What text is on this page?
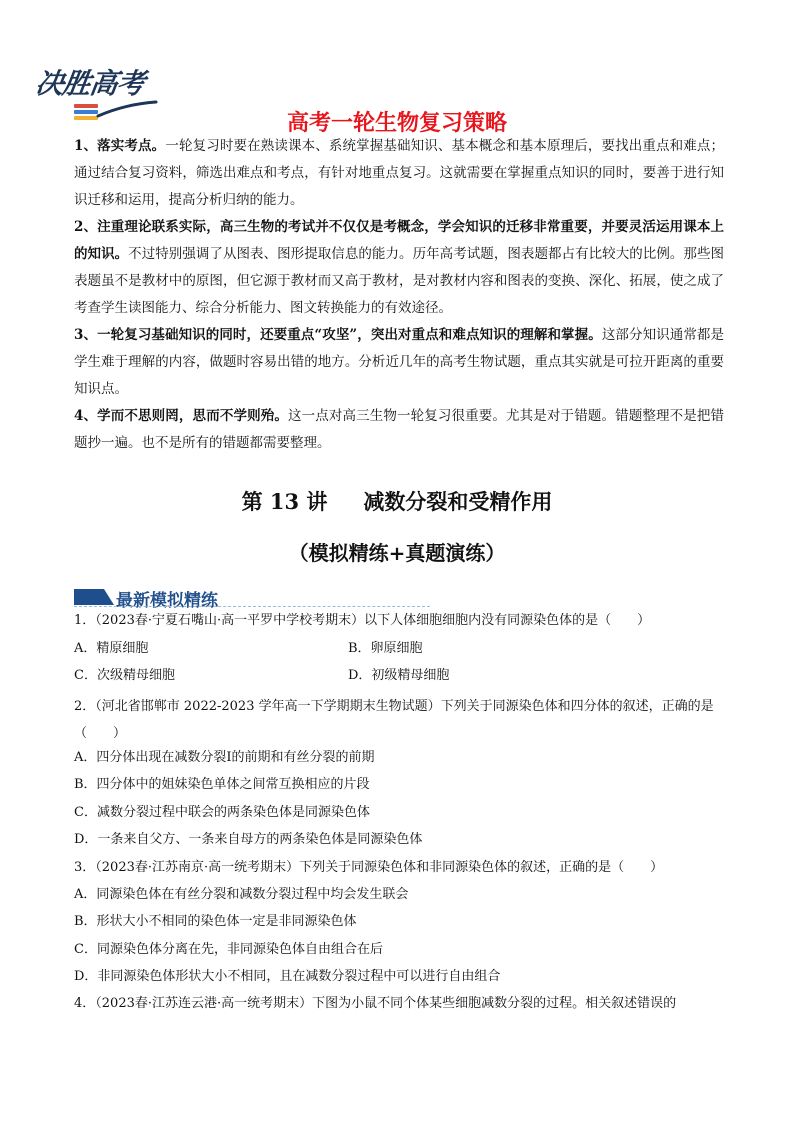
决胜高考
高考一轮生物复习策略

1、落实考点。一轮复习时要在熟读课本、系统掌握基础知识、基本概念和基本原理后，要找出重点和难点；通过结合复习资料，筛选出难点和考点，有针对地重点复习。这就需要在掌握重点知识的同时，要善于进行知识迁移和运用，提高分析归纳的能力。

2、注重理论联系实际，高三生物的考试并不仅仅是考概念，学会知识的迁移非常重要，并要灵活运用课本上的知识。不过特别强调了从图表、图形提取信息的能力。历年高考试题，图表题都占有比较大的比例。那些图表题虽不是教材中的原图，但它源于教材而又高于教材，是对教材内容和图表的变换、深化、拓展，使之成了考查学生读图能力、综合分析能力、图文转换能力的有效途径。

3、一轮复习基础知识的同时，还要重点“攻坚”，突出对重点和难点知识的理解和掌握。这部分知识通常都是学生难于理解的内容，做题时容易出错的地方。分析近几年的高考生物试题，重点其实就是可拉开距离的重要知识点。

4、学而不思则罔，思而不学则殆。这一点对高三生物一轮复习很重要。尤其是对于错题。错题整理不是把错题抄一遍。也不是所有的错题都需要整理。

第 13 讲 减数分裂和受精作用
（模拟精练+真题演练）
最新模拟精练

1．（2023春·宁夏石嘴山·高一平罗中学校考期末）以下人体细胞细胞内没有同源染色体的是（　　）

A．精原细胞	B．卵原细胞

C．次级精母细胞	D．初级精母细胞

2．（河北省邯郸市 2022-2023 学年高一下学期期末生物试题）下列关于同源染色体和四分体的叙述，正确的是（　　）

A．四分体出现在减数分裂Ⅰ的前期和有丝分裂的前期

B．四分体中的姐妹染色单体之间常互换相应的片段

C．减数分裂过程中联会的两条染色体是同源染色体

D．一条来自父方、一条来自母方的两条染色体是同源染色体

3．（2023春·江苏南京·高一统考期末）下列关于同源染色体和非同源染色体的叙述，正确的是（　　）

A．同源染色体在有丝分裂和减数分裂过程中均会发生联会

B．形状大小不相同的染色体一定是非同源染色体

C．同源染色体分离在先，非同源染色体自由组合在后

D．非同源染色体形状大小不相同，且在减数分裂过程中可以进行自由组合

4．（2023春·江苏连云港·高一统考期末）下图为小鼠不同个体某些细胞减数分裂的过程。相关叙述错误的
